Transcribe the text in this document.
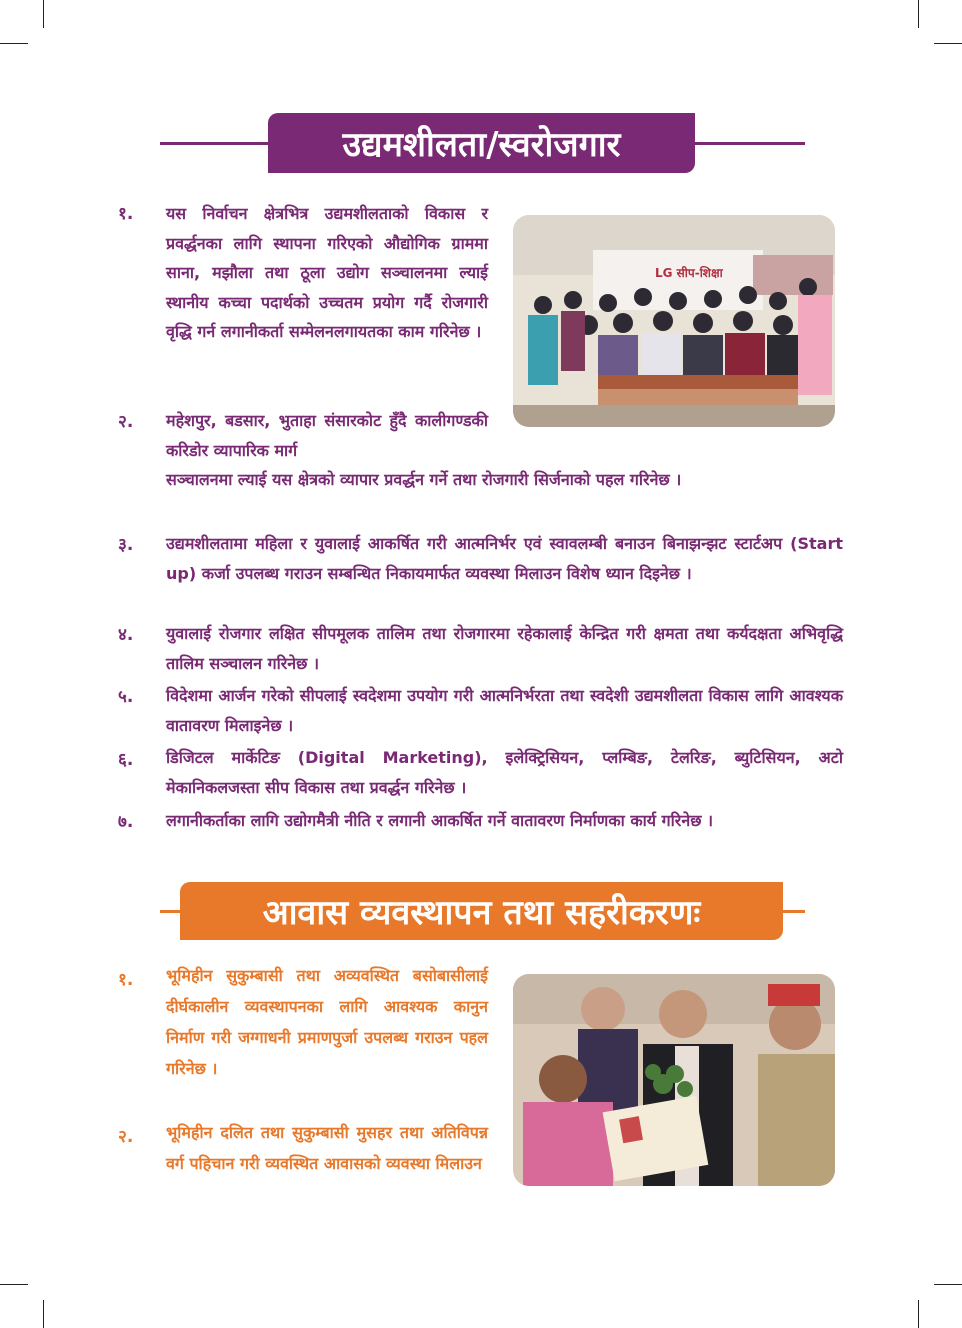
उद्यमशीलता/स्वरोजगार
LG सीप-शिक्षा
१. यस निर्वाचन क्षेत्रभित्र उद्यमशीलताको विकास र प्रवर्द्धनका लागि स्थापना गरिएको औद्योगिक ग्राममा साना, मझौला तथा ठूला उद्योग सञ्चालनमा ल्याई स्थानीय कच्चा पदार्थको उच्चतम प्रयोग गर्दै रोजगारी वृद्धि गर्न लगानीकर्ता सम्मेलनलगायतका काम गरिनेछ ।
२. महेशपुर, बडसार, भुताहा संसारकोट हुँदै कालीगण्डकी करिडोर व्यापारिक मार्ग
सञ्चालनमा ल्याई यस क्षेत्रको व्यापार प्रवर्द्धन गर्ने तथा रोजगारी सिर्जनाको पहल गरिनेछ ।
३. उद्यमशीलतामा महिला र युवालाई आकर्षित गरी आत्मनिर्भर एवं स्वावलम्बी बनाउन बिनाझन्झट स्टार्टअप (Start up) कर्जा उपलब्ध गराउन सम्बन्धित निकायमार्फत व्यवस्था मिलाउन विशेष ध्यान दिइनेछ ।
४. युवालाई रोजगार लक्षित सीपमूलक तालिम तथा रोजगारमा रहेकालाई केन्द्रित गरी क्षमता तथा कर्यदक्षता अभिवृद्धि तालिम सञ्चालन गरिनेछ ।
५. विदेशमा आर्जन गरेको सीपलाई स्वदेशमा उपयोग गरी आत्मनिर्भरता तथा स्वदेशी उद्यमशीलता विकास लागि आवश्यक वातावरण मिलाइनेछ ।
६. डिजिटल मार्केटिङ (Digital Marketing), इलेक्ट्रिसियन, प्लम्बिङ, टेलरिङ, ब्युटिसियन, अटो मेकानिकलजस्ता सीप विकास तथा प्रवर्द्धन गरिनेछ ।
७. लगानीकर्ताका लागि उद्योगमैत्री नीति र लगानी आकर्षित गर्ने वातावरण निर्माणका कार्य गरिनेछ ।
आवास व्यवस्थापन तथा सहरीकरणः
१. भूमिहीन सुकुम्बासी तथा अव्यवस्थित बसोबासीलाई दीर्घकालीन व्यवस्थापनका लागि आवश्यक कानुन निर्माण गरी जग्गाधनी प्रमाणपुर्जा उपलब्ध गराउन पहल गरिनेछ ।
२. भूमिहीन दलित तथा सुकुम्बासी मुसहर तथा अतिविपन्न वर्ग पहिचान गरी व्यवस्थित आवासको व्यवस्था मिलाउन
